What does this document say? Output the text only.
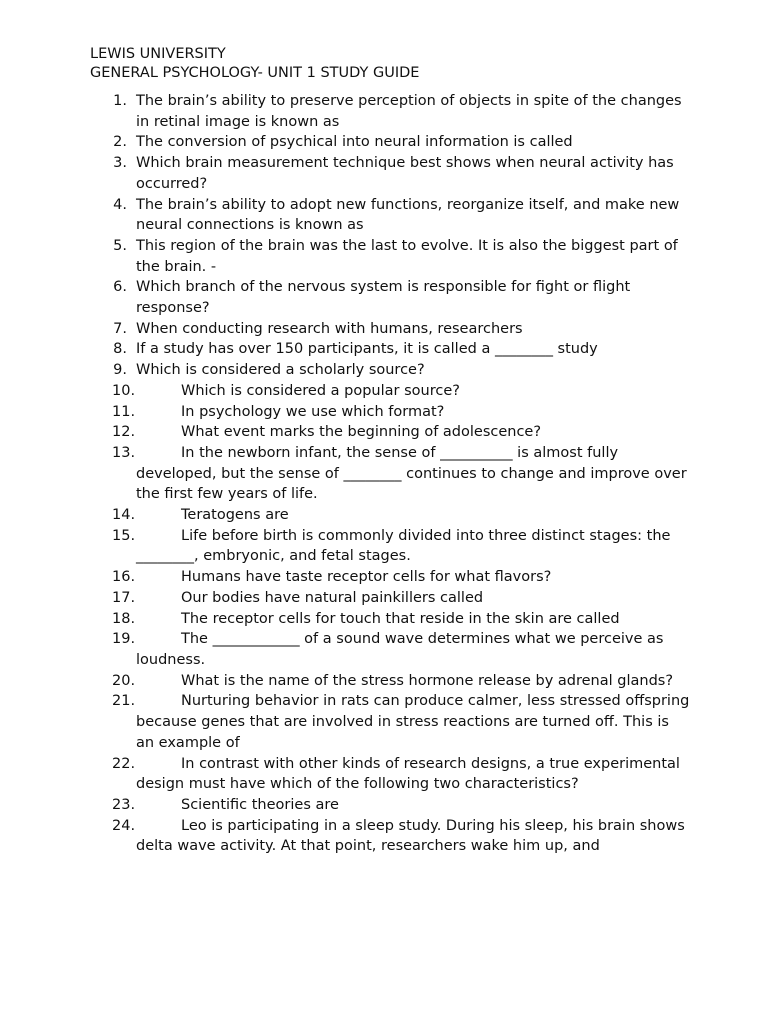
LEWIS UNIVERSITY

GENERAL PSYCHOLOGY- UNIT 1 STUDY GUIDE

1. The brain’s ability to preserve perception of objects in spite of the changes in retinal image is known as
2. The conversion of psychical into neural information is called
3. Which brain measurement technique best shows when neural activity has occurred?
4. The brain’s ability to adopt new functions, reorganize itself, and make new neural connections is known as
5. This region of the brain was the last to evolve. It is also the biggest part of the brain. -
6. Which branch of the nervous system is responsible for fight or flight response?
7. When conducting research with humans, researchers
8. If a study has over 150 participants, it is called a ________ study
9. Which is considered a scholarly source?
10.	Which is considered a popular source?
11.	In psychology we use which format?
12.	What event marks the beginning of adolescence?
13.	In the newborn infant, the sense of __________ is almost fully developed, but the sense of ________ continues to change and improve over the first few years of life.
14.	Teratogens are
15.	Life before birth is commonly divided into three distinct stages: the ________, embryonic, and fetal stages.
16.	Humans have taste receptor cells for what flavors?
17.	Our bodies have natural painkillers called
18.	The receptor cells for touch that reside in the skin are called
19.	The ____________ of a sound wave determines what we perceive as loudness.
20.	What is the name of the stress hormone release by adrenal glands?
21.	Nurturing behavior in rats can produce calmer, less stressed offspring because genes that are involved in stress reactions are turned off. This is an example of
22.	In contrast with other kinds of research designs, a true experimental design must have which of the following two characteristics?
23.	Scientific theories are
24.	Leo is participating in a sleep study. During his sleep, his brain shows delta wave activity. At that point, researchers wake him up, and
